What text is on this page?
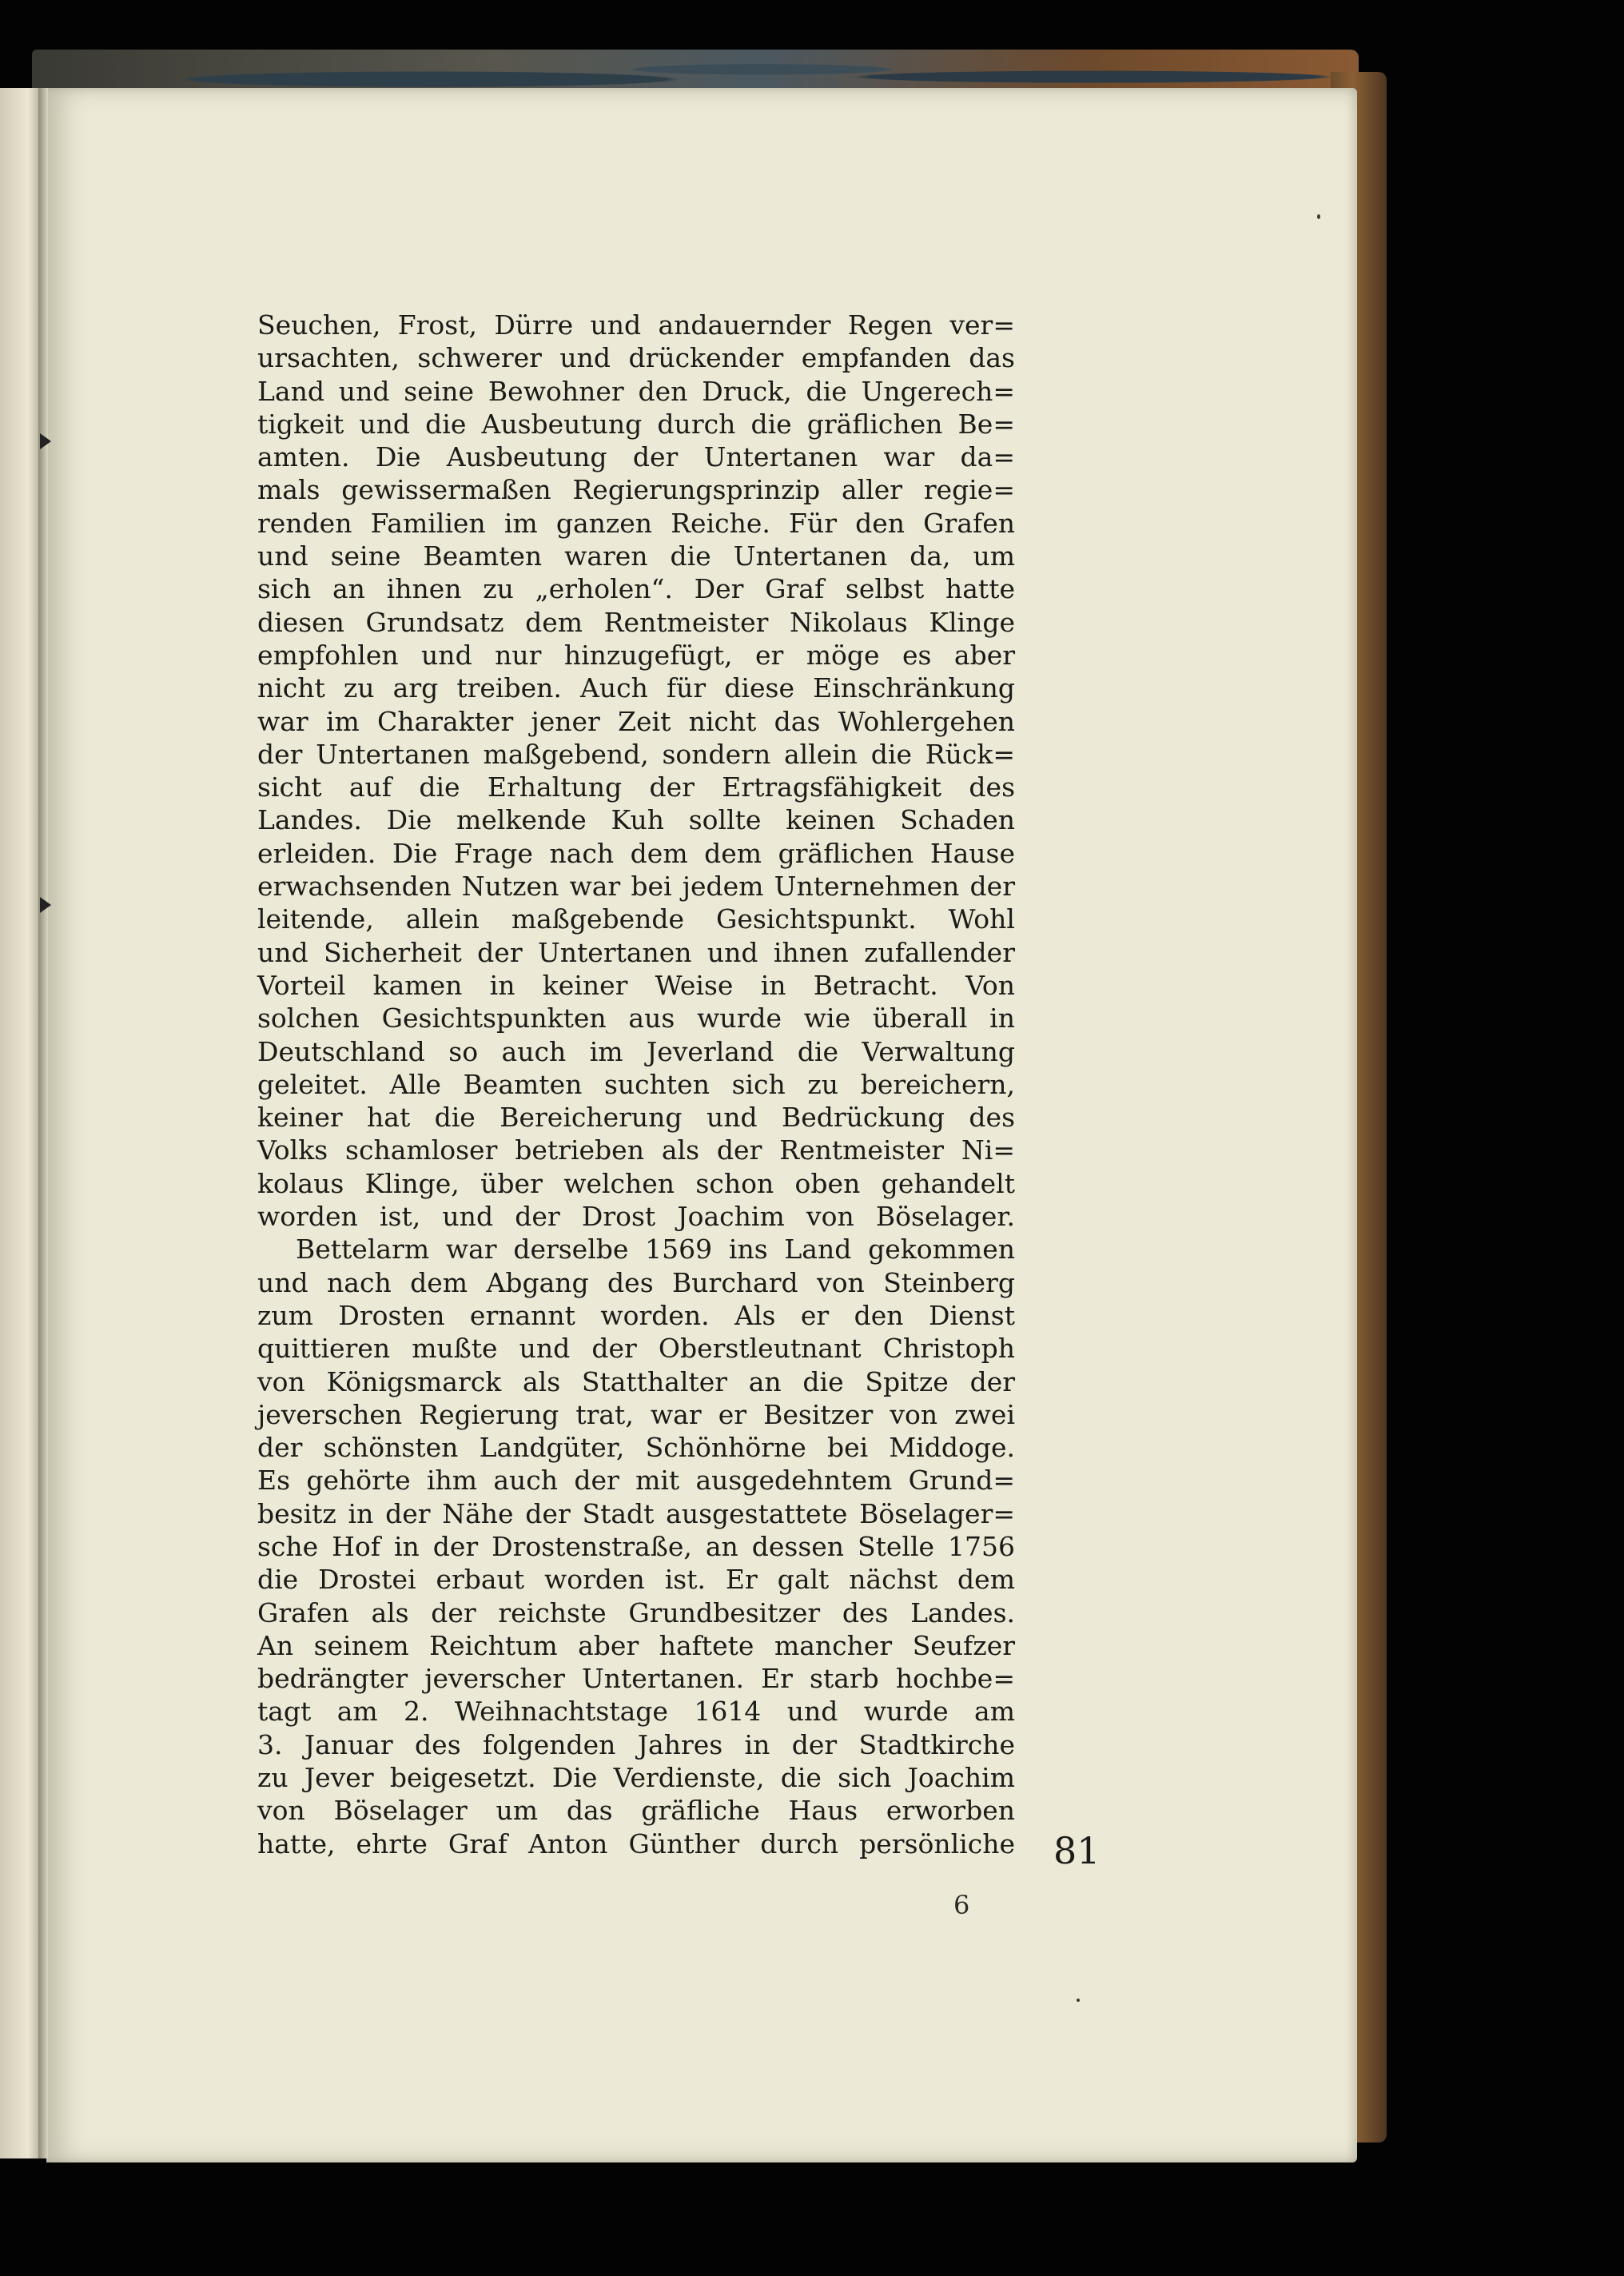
Seuchen, Frost, Dürre und andauernder Regen ver=
ursachten, schwerer und drückender empfanden das
Land und seine Bewohner den Druck, die Ungerech=
tigkeit und die Ausbeutung durch die gräflichen Be=
amten. Die Ausbeutung der Untertanen war da=
mals gewissermaßen Regierungsprinzip aller regie=
renden Familien im ganzen Reiche. Für den Grafen
und seine Beamten waren die Untertanen da, um
sich an ihnen zu „erholen“. Der Graf selbst hatte
diesen Grundsatz dem Rentmeister Nikolaus Klinge
empfohlen und nur hinzugefügt, er möge es aber
nicht zu arg treiben. Auch für diese Einschränkung
war im Charakter jener Zeit nicht das Wohlergehen
der Untertanen maßgebend, sondern allein die Rück=
sicht auf die Erhaltung der Ertragsfähigkeit des
Landes. Die melkende Kuh sollte keinen Schaden
erleiden. Die Frage nach dem dem gräflichen Hause
erwachsenden Nutzen war bei jedem Unternehmen der
leitende, allein maßgebende Gesichtspunkt. Wohl
und Sicherheit der Untertanen und ihnen zufallender
Vorteil kamen in keiner Weise in Betracht. Von
solchen Gesichtspunkten aus wurde wie überall in
Deutschland so auch im Jeverland die Verwaltung
geleitet. Alle Beamten suchten sich zu bereichern,
keiner hat die Bereicherung und Bedrückung des
Volks schamloser betrieben als der Rentmeister Ni=
kolaus Klinge, über welchen schon oben gehandelt
worden ist, und der Drost Joachim von Böselager.
Bettelarm war derselbe 1569 ins Land gekommen
und nach dem Abgang des Burchard von Steinberg
zum Drosten ernannt worden. Als er den Dienst
quittieren mußte und der Oberstleutnant Christoph
von Königsmarck als Statthalter an die Spitze der
jeverschen Regierung trat, war er Besitzer von zwei
der schönsten Landgüter, Schönhörne bei Middoge.
Es gehörte ihm auch der mit ausgedehntem Grund=
besitz in der Nähe der Stadt ausgestattete Böselager=
sche Hof in der Drostenstraße, an dessen Stelle 1756
die Drostei erbaut worden ist. Er galt nächst dem
Grafen als der reichste Grundbesitzer des Landes.
An seinem Reichtum aber haftete mancher Seufzer
bedrängter jeverscher Untertanen. Er starb hochbe=
tagt am 2. Weihnachtstage 1614 und wurde am
3. Januar des folgenden Jahres in der Stadtkirche
zu Jever beigesetzt. Die Verdienste, die sich Joachim
von Böselager um das gräfliche Haus erworben
hatte, ehrte Graf Anton Günther durch persönliche 81
6
